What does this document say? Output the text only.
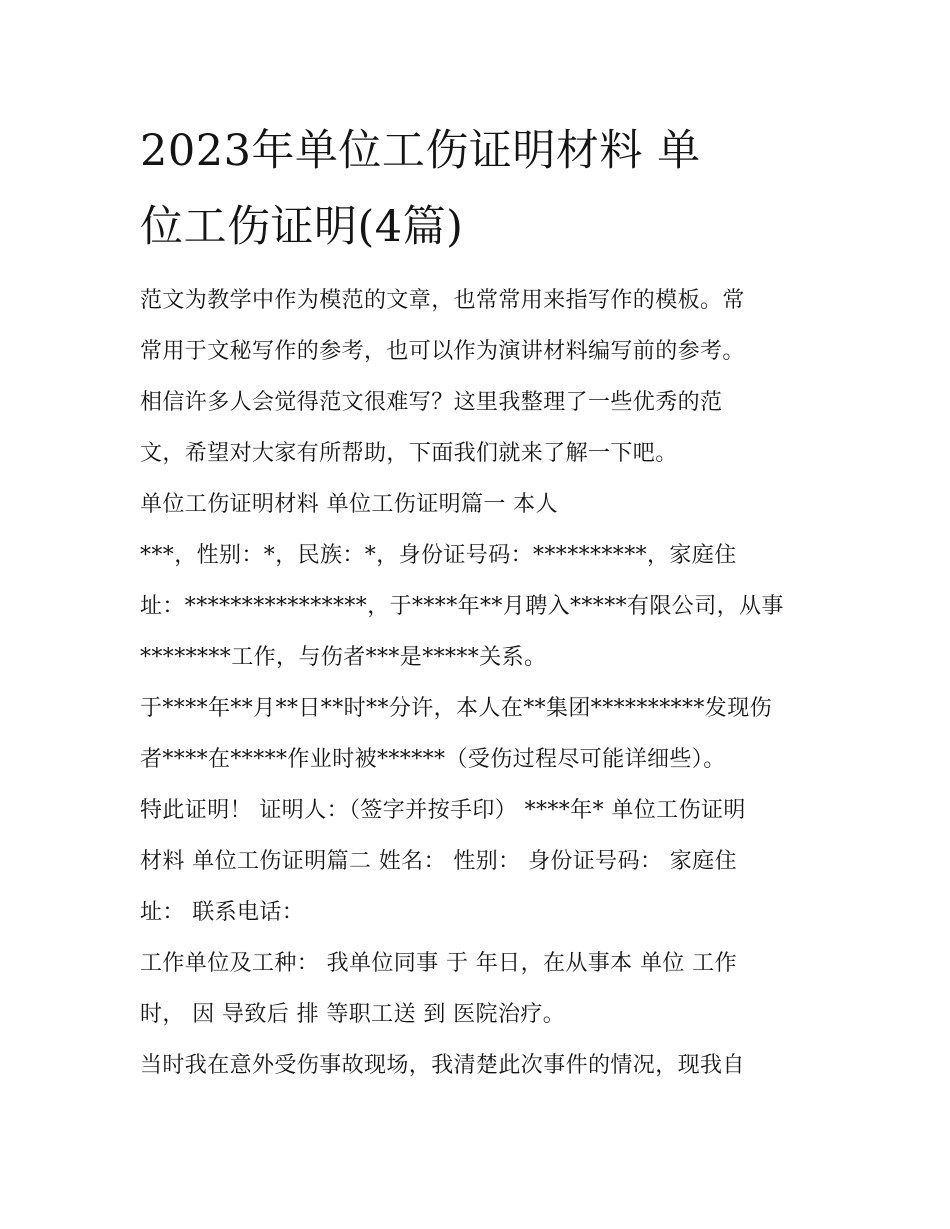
2023年单位工伤证明材料 单
位工伤证明(4篇)
范文为教学中作为模范的文章，也常常用来指写作的模板。常
常用于文秘写作的参考，也可以作为演讲材料编写前的参考。
相信许多人会觉得范文很难写？这里我整理了一些优秀的范
文，希望对大家有所帮助，下面我们就来了解一下吧。
单位工伤证明材料 单位工伤证明篇一 本人
***，性别：*，民族：*，身份证号码：**********，家庭住
址：****************，于****年**月聘入*****有限公司，从事
********工作，与伤者***是*****关系。
于****年**月**日**时**分许，本人在**集团**********发现伤
者****在*****作业时被******（受伤过程尽可能详细些）。
特此证明！ 证明人：（签字并按手印） ****年* 单位工伤证明
材料 单位工伤证明篇二 姓名： 性别： 身份证号码： 家庭住
址： 联系电话：
工作单位及工种： 我单位同事 于 年日，在从事本 单位 工作
时， 因 导致后 排 等职工送 到 医院治疗。
当时我在意外受伤事故现场，我清楚此次事件的情况，现我自
